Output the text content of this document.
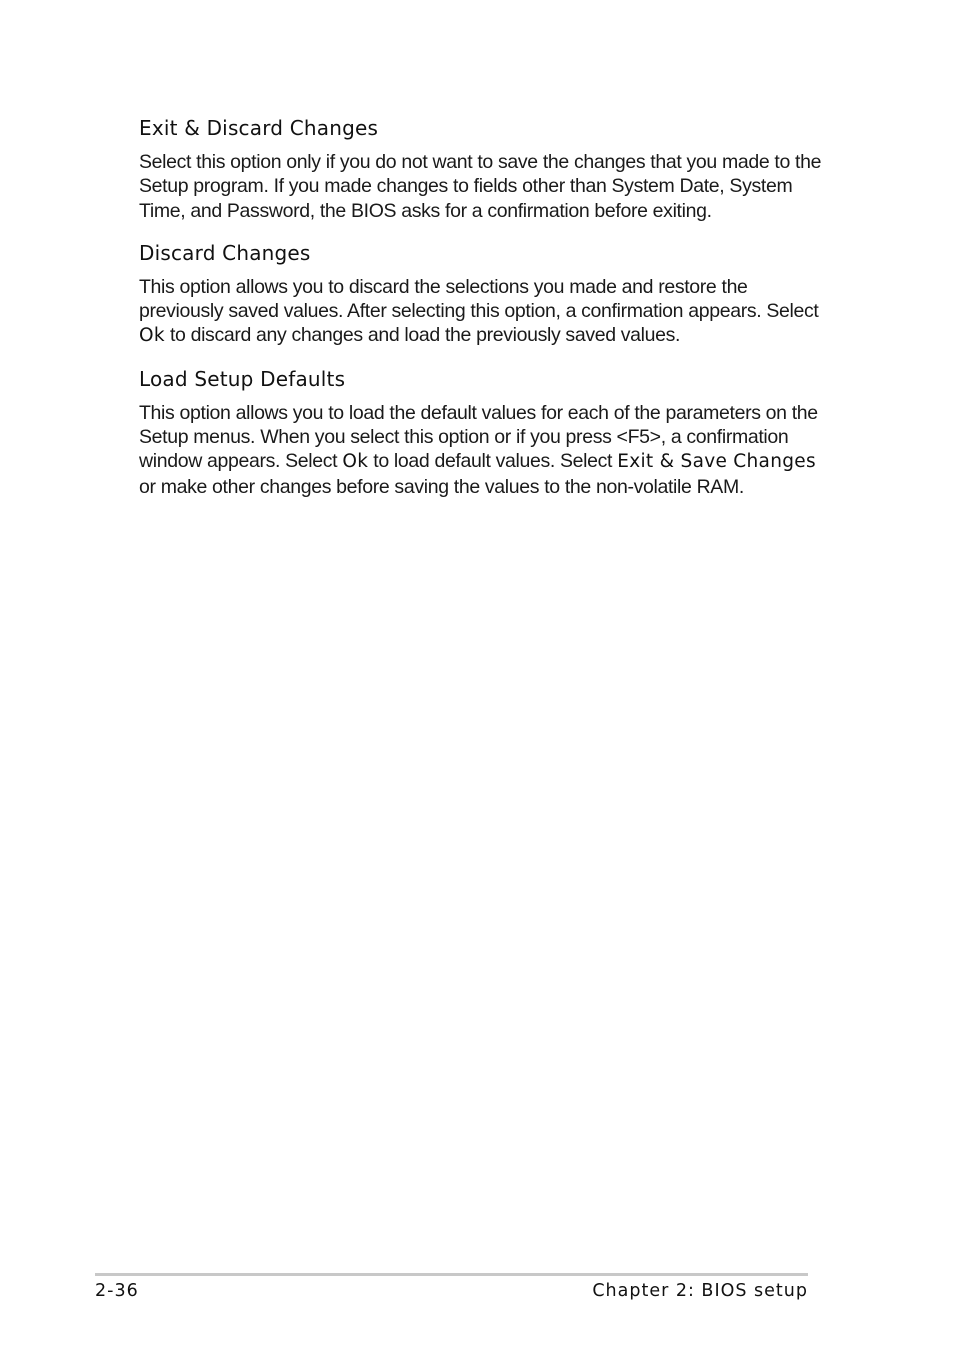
Exit & Discard Changes

Select this option only if you do not want to save the changes that you made to the Setup program. If you made changes to fields other than System Date, System Time, and Password, the BIOS asks for a confirmation before exiting.

Discard Changes

This option allows you to discard the selections you made and restore the previously saved values. After selecting this option, a confirmation appears. Select Ok to discard any changes and load the previously saved values.

Load Setup Defaults

This option allows you to load the default values for each of the parameters on the Setup menus. When you select this option or if you press <F5>, a confirmation window appears. Select Ok to load default values. Select Exit & Save Changes or make other changes before saving the values to the non-volatile RAM.

2-36	Chapter 2: BIOS setup
